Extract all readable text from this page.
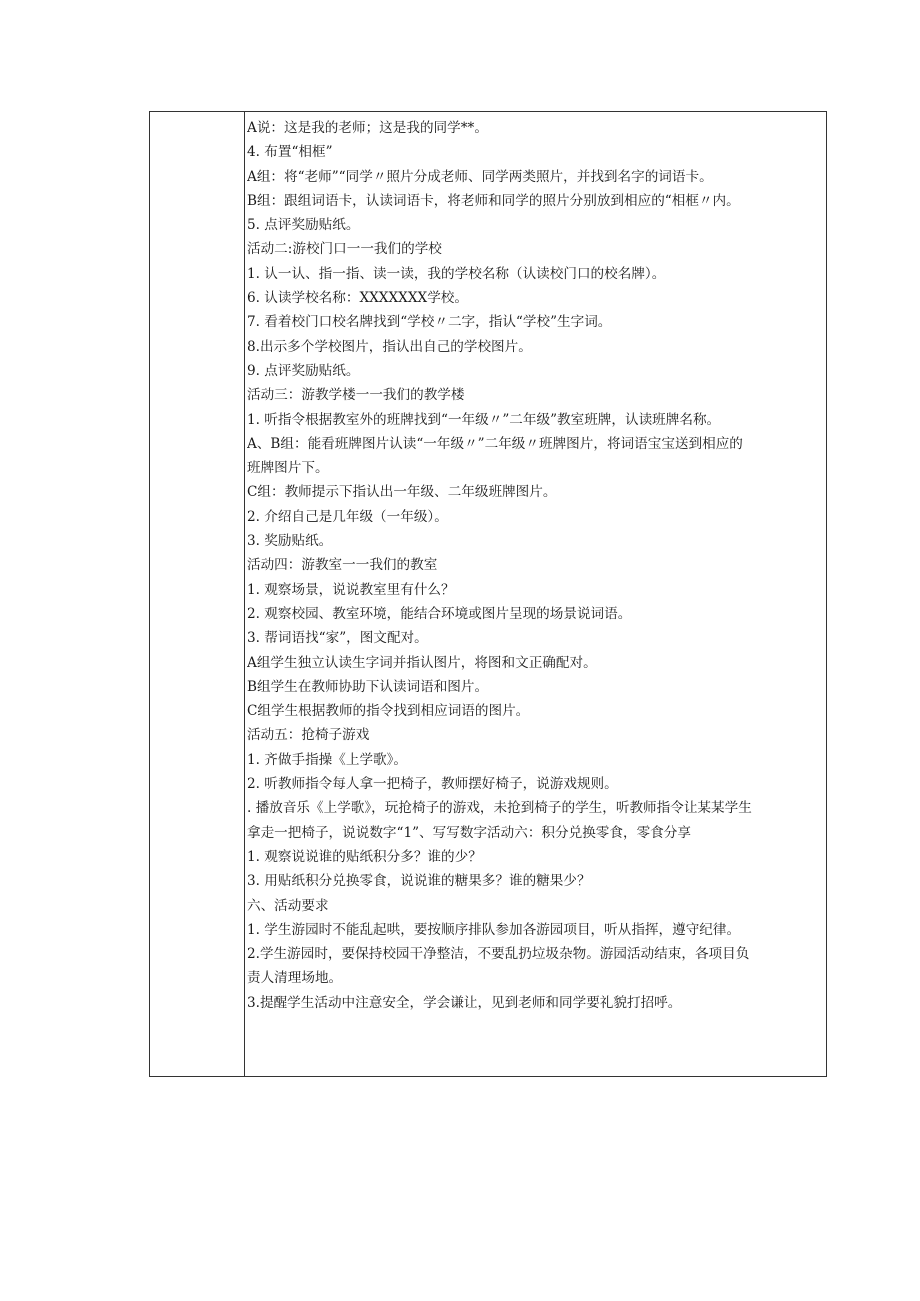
A说：这是我的老师；这是我的同学**。
4. 布置“相框”
A组：将“老师”“同学〃照片分成老师、同学两类照片，并找到名字的词语卡。
B组：跟组词语卡，认读词语卡，将老师和同学的照片分别放到相应的“相框〃内。
5. 点评奖励贴纸。
活动二:游校门口一一我们的学校
1. 认一认、指一指、读一读，我的学校名称（认读校门口的校名牌）。
6. 认读学校名称：XXXXXXX学校。
7. 看着校门口校名牌找到“学校〃二字，指认“学校”生字词。
8.出示多个学校图片，指认出自己的学校图片。
9. 点评奖励贴纸。
活动三：游教学楼一一我们的教学楼
1. 听指令根据教室外的班牌找到“一年级〃”二年级”教室班牌，认读班牌名称。
A、B组：能看班牌图片认读“一年级〃”二年级〃班牌图片，将词语宝宝送到相应的
班牌图片下。
C组：教师提示下指认出一年级、二年级班牌图片。
2. 介绍自己是几年级（一年级）。
3. 奖励贴纸。
活动四：游教室一一我们的教室
1. 观察场景，说说教室里有什么？
2. 观察校园、教室环境，能结合环境或图片呈现的场景说词语。
3. 帮词语找“家”，图文配对。
A组学生独立认读生字词并指认图片，将图和文正确配对。
B组学生在教师协助下认读词语和图片。
C组学生根据教师的指令找到相应词语的图片。
活动五：抢椅子游戏
1. 齐做手指操《上学歌》。
2. 听教师指令每人拿一把椅子，教师摆好椅子，说游戏规则。
. 播放音乐《上学歌》，玩抢椅子的游戏，未抢到椅子的学生，听教师指令让某某学生
拿走一把椅子，说说数字“1”、写写数字活动六：积分兑换零食，零食分享
1. 观察说说谁的贴纸积分多？谁的少？
3. 用贴纸积分兑换零食，说说谁的糖果多？谁的糖果少？
六、活动要求
1. 学生游园时不能乱起哄，要按顺序排队参加各游园项目，听从指挥，遵守纪律。
2.学生游园时，要保持校园干净整洁，不要乱扔垃圾杂物。游园活动结束，各项目负
责人清理场地。
3.提醒学生活动中注意安全，学会谦让，见到老师和同学要礼貌打招呼。
